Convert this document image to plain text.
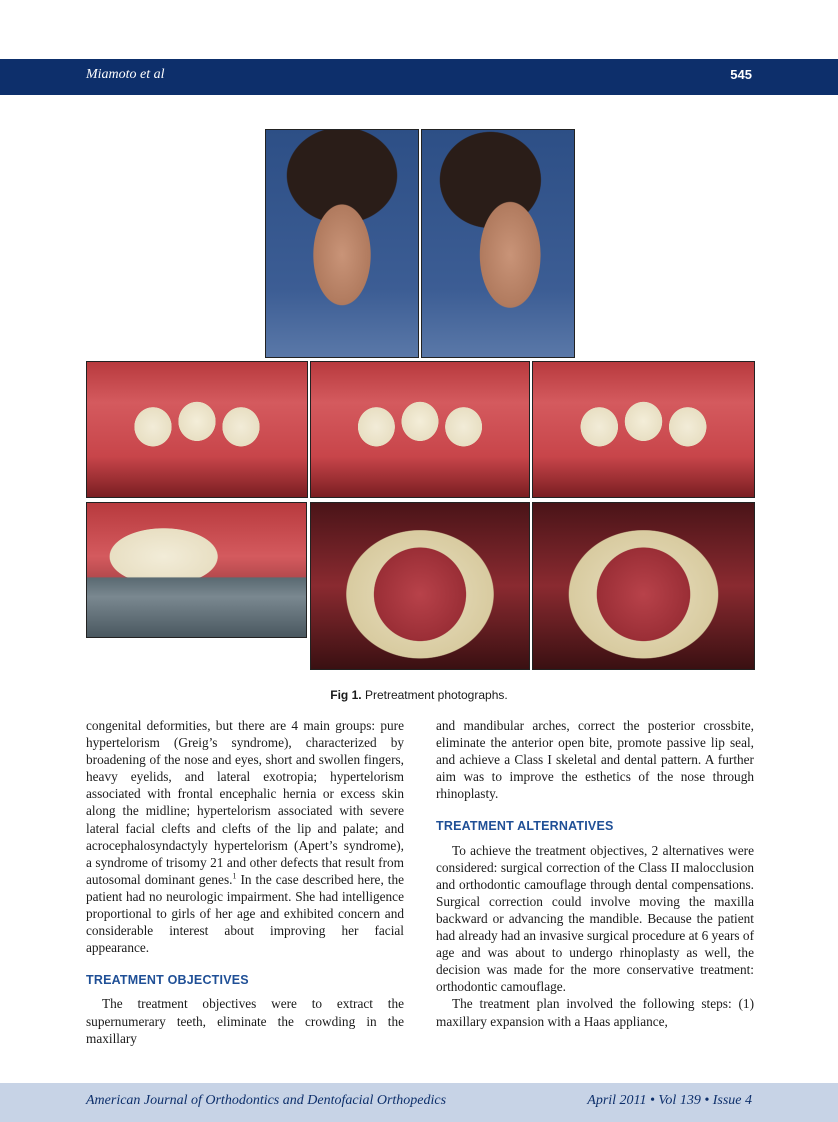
Miamoto et al	545
Fig 1. Pretreatment photographs.

congenital deformities, but there are 4 main groups: pure hypertelorism (Greig’s syndrome), characterized by broadening of the nose and eyes, short and swollen fingers, heavy eyelids, and lateral exotropia; hypertelorism associated with frontal encephalic hernia or excess skin along the midline; hypertelorism associated with severe lateral facial clefts and clefts of the lip and palate; and acrocephalosyndactyly hypertelorism (Apert’s syndrome), a syndrome of trisomy 21 and other defects that result from autosomal dominant genes.$^1$ In the case described here, the patient had no neurologic impairment. She had intelligence proportional to girls of her age and exhibited concern and considerable interest about improving her facial appearance.

TREATMENT OBJECTIVES

The treatment objectives were to extract the supernumerary teeth, eliminate the crowding in the maxillary

and mandibular arches, correct the posterior crossbite, eliminate the anterior open bite, promote passive lip seal, and achieve a Class I skeletal and dental pattern. A further aim was to improve the esthetics of the nose through rhinoplasty.

TREATMENT ALTERNATIVES

To achieve the treatment objectives, 2 alternatives were considered: surgical correction of the Class II malocclusion and orthodontic camouflage through dental compensations. Surgical correction could involve moving the maxilla backward or advancing the mandible. Because the patient had already had an invasive surgical procedure at 6 years of age and was about to undergo rhinoplasty as well, the decision was made for the more conservative treatment: orthodontic camouflage.

The treatment plan involved the following steps: (1) maxillary expansion with a Haas appliance,

American Journal of Orthodontics and Dentofacial Orthopedics	April 2011 • Vol 139 • Issue 4
